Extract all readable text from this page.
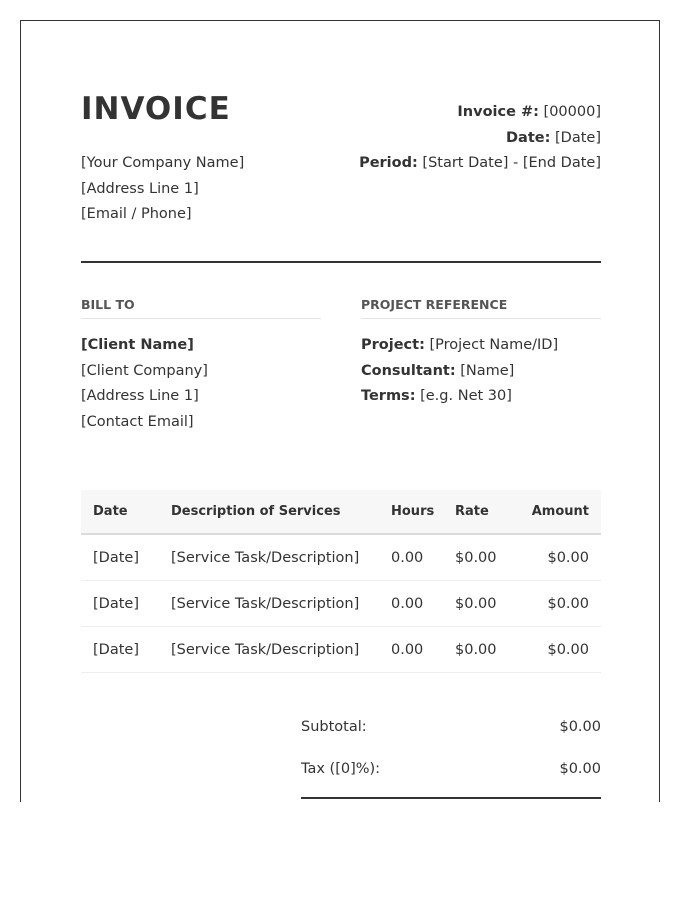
INVOICE
[Your Company Name]
[Address Line 1]
[Email / Phone]
Invoice #: [00000]
Date: [Date]
Period: [Start Date] - [End Date]
BILL TO	PROJECT REFERENCE
[Client Name]
[Client Company]
[Address Line 1]
[Contact Email]
Project: [Project Name/ID]
Consultant: [Name]
Terms: [e.g. Net 30]
Date	Description of Services	Hours	Rate	Amount
[Date]	[Service Task/Description]	0.00	$0.00	$0.00
[Date]	[Service Task/Description]	0.00	$0.00	$0.00
[Date]	[Service Task/Description]	0.00	$0.00	$0.00
Subtotal:	$0.00
Tax ([0]%):	$0.00
